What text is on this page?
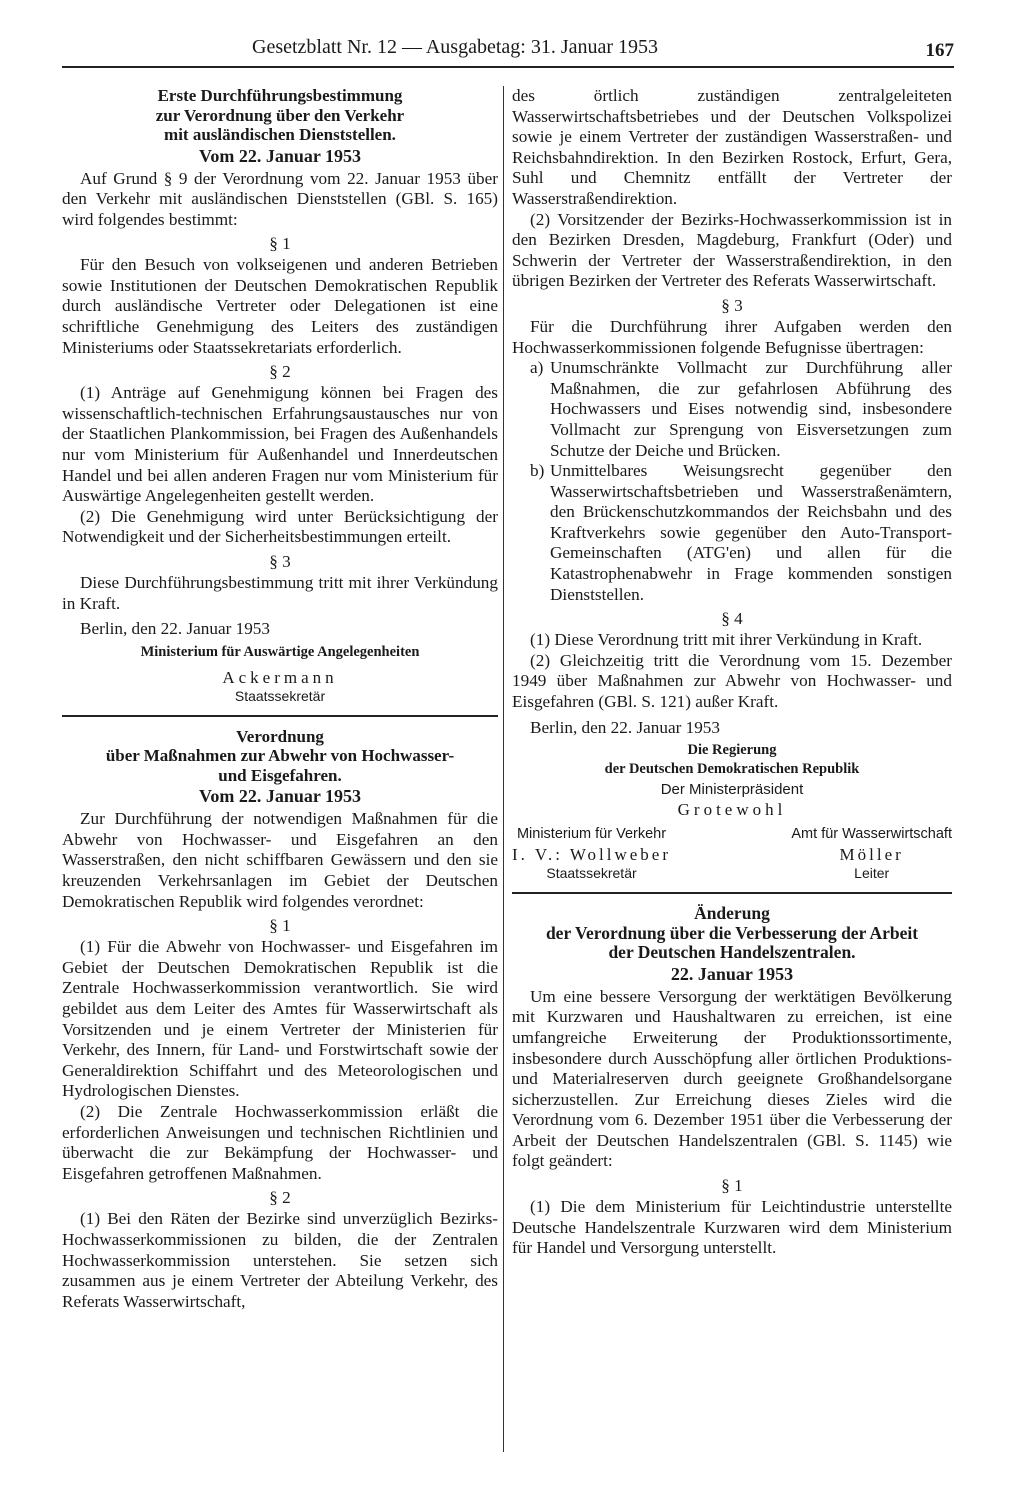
Gesetzblatt Nr. 12 — Ausgabetag: 31. Januar 1953	167
Erste Durchführungsbestimmung
zur Verordnung über den Verkehr
mit ausländischen Dienststellen.
Vom 22. Januar 1953

Auf Grund § 9 der Verordnung vom 22. Januar 1953 über den Verkehr mit ausländischen Dienststellen (GBl. S. 165) wird folgendes bestimmt:

§ 1

Für den Besuch von volkseigenen und anderen Betrieben sowie Institutionen der Deutschen Demokratischen Republik durch ausländische Vertreter oder Delegationen ist eine schriftliche Genehmigung des Leiters des zuständigen Ministeriums oder Staatssekretariats erforderlich.

§ 2

(1) Anträge auf Genehmigung können bei Fragen des wissenschaftlich-technischen Erfahrungsaustausches nur von der Staatlichen Plankommission, bei Fragen des Außenhandels nur vom Ministerium für Außenhandel und Innerdeutschen Handel und bei allen anderen Fragen nur vom Ministerium für Auswärtige Angelegenheiten gestellt werden.

(2) Die Genehmigung wird unter Berücksichtigung der Notwendigkeit und der Sicherheitsbestimmungen erteilt.

§ 3

Diese Durchführungsbestimmung tritt mit ihrer Verkündung in Kraft.

Berlin, den 22. Januar 1953
Ministerium für Auswärtige Angelegenheiten
Ackermann
Staatssekretär
Verordnung
über Maßnahmen zur Abwehr von Hochwasser-
und Eisgefahren.
Vom 22. Januar 1953

Zur Durchführung der notwendigen Maßnahmen für die Abwehr von Hochwasser- und Eisgefahren an den Wasserstraßen, den nicht schiffbaren Gewässern und den sie kreuzenden Verkehrsanlagen im Gebiet der Deutschen Demokratischen Republik wird folgendes verordnet:

§ 1

(1) Für die Abwehr von Hochwasser- und Eisgefahren im Gebiet der Deutschen Demokratischen Republik ist die Zentrale Hochwasserkommission verantwortlich. Sie wird gebildet aus dem Leiter des Amtes für Wasserwirtschaft als Vorsitzenden und je einem Vertreter der Ministerien für Verkehr, des Innern, für Land- und Forstwirtschaft sowie der Generaldirektion Schiffahrt und des Meteorologischen und Hydrologischen Dienstes.

(2) Die Zentrale Hochwasserkommission erläßt die erforderlichen Anweisungen und technischen Richtlinien und überwacht die zur Bekämpfung der Hochwasser- und Eisgefahren getroffenen Maßnahmen.

§ 2

(1) Bei den Räten der Bezirke sind unverzüglich Bezirks-Hochwasserkommissionen zu bilden, die der Zentralen Hochwasserkommission unterstehen. Sie setzen sich zusammen aus je einem Vertreter der Abteilung Verkehr, des Referats Wasserwirtschaft,

des örtlich zuständigen zentralgeleiteten Wasserwirtschaftsbetriebes und der Deutschen Volkspolizei sowie je einem Vertreter der zuständigen Wasserstraßen- und Reichsbahndirektion. In den Bezirken Rostock, Erfurt, Gera, Suhl und Chemnitz entfällt der Vertreter der Wasserstraßendirektion.

(2) Vorsitzender der Bezirks-Hochwasserkommission ist in den Bezirken Dresden, Magdeburg, Frankfurt (Oder) und Schwerin der Vertreter der Wasserstraßendirektion, in den übrigen Bezirken der Vertreter des Referats Wasserwirtschaft.

§ 3

Für die Durchführung ihrer Aufgaben werden den Hochwasserkommissionen folgende Befugnisse übertragen:

a) Unumschränkte Vollmacht zur Durchführung aller Maßnahmen, die zur gefahrlosen Abführung des Hochwassers und Eises notwendig sind, insbesondere Vollmacht zur Sprengung von Eisversetzungen zum Schutze der Deiche und Brücken.
b) Unmittelbares Weisungsrecht gegenüber den Wasserwirtschaftsbetrieben und Wasserstraßenämtern, den Brückenschutzkommandos der Reichsbahn und des Kraftverkehrs sowie gegenüber den Auto-Transport-Gemeinschaften (ATG'en) und allen für die Katastrophenabwehr in Frage kommenden sonstigen Dienststellen.
§ 4

(1) Diese Verordnung tritt mit ihrer Verkündung in Kraft.

(2) Gleichzeitig tritt die Verordnung vom 15. Dezember 1949 über Maßnahmen zur Abwehr von Hochwasser- und Eisgefahren (GBl. S. 121) außer Kraft.

Berlin, den 22. Januar 1953
Die Regierung
der Deutschen Demokratischen Republik
Der Ministerpräsident
Grotewohl
Ministerium für Verkehr
I. V.: Wollweber
Staatssekretär
Amt für Wasserwirtschaft
Möller
Leiter
Änderung
der Verordnung über die Verbesserung der Arbeit
der Deutschen Handelszentralen.
22. Januar 1953

Um eine bessere Versorgung der werktätigen Bevölkerung mit Kurzwaren und Haushaltwaren zu erreichen, ist eine umfangreiche Erweiterung der Produktionssortimente, insbesondere durch Ausschöpfung aller örtlichen Produktions- und Materialreserven durch geeignete Großhandelsorgane sicherzustellen. Zur Erreichung dieses Zieles wird die Verordnung vom 6. Dezember 1951 über die Verbesserung der Arbeit der Deutschen Handelszentralen (GBl. S. 1145) wie folgt geändert:

§ 1

(1) Die dem Ministerium für Leichtindustrie unterstellte Deutsche Handelszentrale Kurzwaren wird dem Ministerium für Handel und Versorgung unterstellt.
